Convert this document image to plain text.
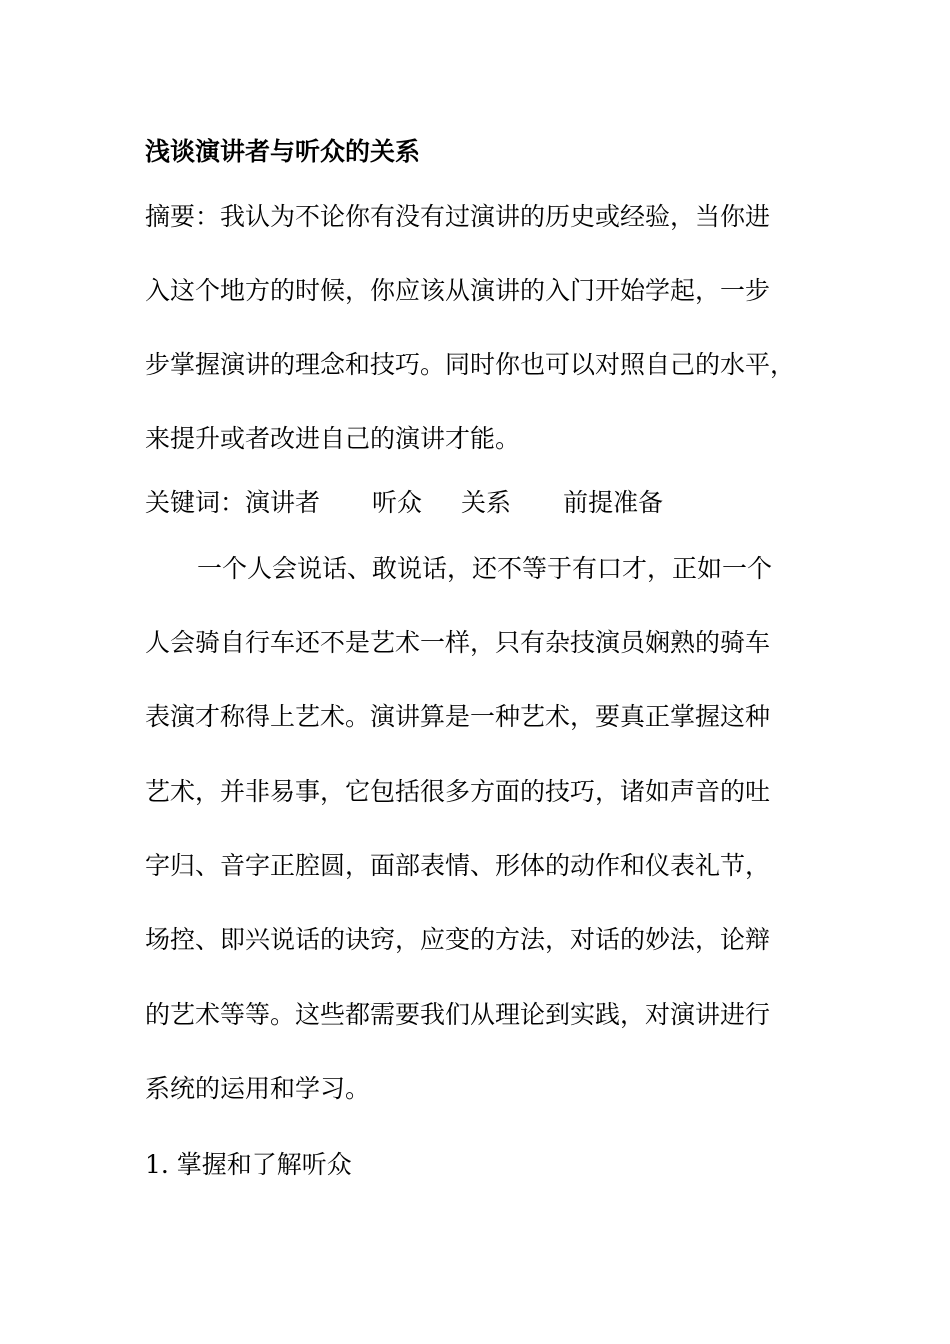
浅谈演讲者与听众的关系
摘要：我认为不论你有没有过演讲的历史或经验，当你进
入这个地方的时候，你应该从演讲的入门开始学起，一步
步掌握演讲的理念和技巧。同时你也可以对照自己的水平，
来提升或者改进自己的演讲才能。
关键词：演讲者 听众 关系 前提准备
一个人会说话、敢说话，还不等于有口才，正如一个
人会骑自行车还不是艺术一样，只有杂技演员娴熟的骑车
表演才称得上艺术。演讲算是一种艺术，要真正掌握这种
艺术，并非易事，它包括很多方面的技巧，诸如声音的吐
字归、音字正腔圆，面部表情、形体的动作和仪表礼节，
场控、即兴说话的诀窍，应变的方法，对话的妙法，论辩
的艺术等等。这些都需要我们从理论到实践，对演讲进行
系统的运用和学习。
1. 掌握和了解听众
